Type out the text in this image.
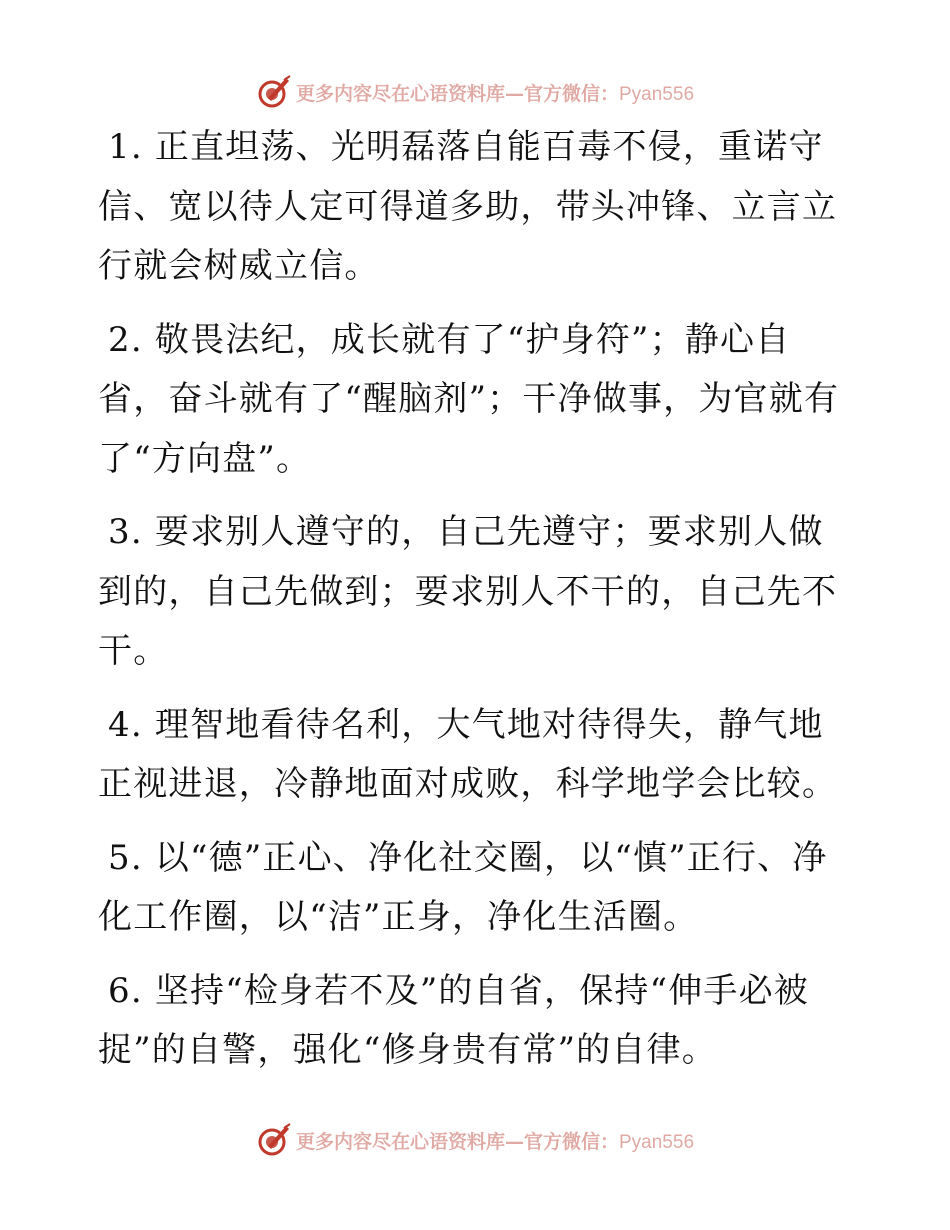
更多内容尽在心语资料库—官方微信：Pyan556

1. 正直坦荡、光明磊落自能百毒不侵，重诺守信、宽以待人定可得道多助，带头冲锋、立言立行就会树威立信。

2. 敬畏法纪，成长就有了“护身符”；静心自省，奋斗就有了“醒脑剂”；干净做事，为官就有了“方向盘”。

3. 要求别人遵守的，自己先遵守；要求别人做到的，自己先做到；要求别人不干的，自己先不干。

4. 理智地看待名利，大气地对待得失，静气地正视进退，冷静地面对成败，科学地学会比较。

5. 以“德”正心、净化社交圈，以“慎”正行、净化工作圈，以“洁”正身，净化生活圈。

6. 坚持“检身若不及”的自省，保持“伸手必被捉”的自警，强化“修身贵有常”的自律。

更多内容尽在心语资料库—官方微信：Pyan556
